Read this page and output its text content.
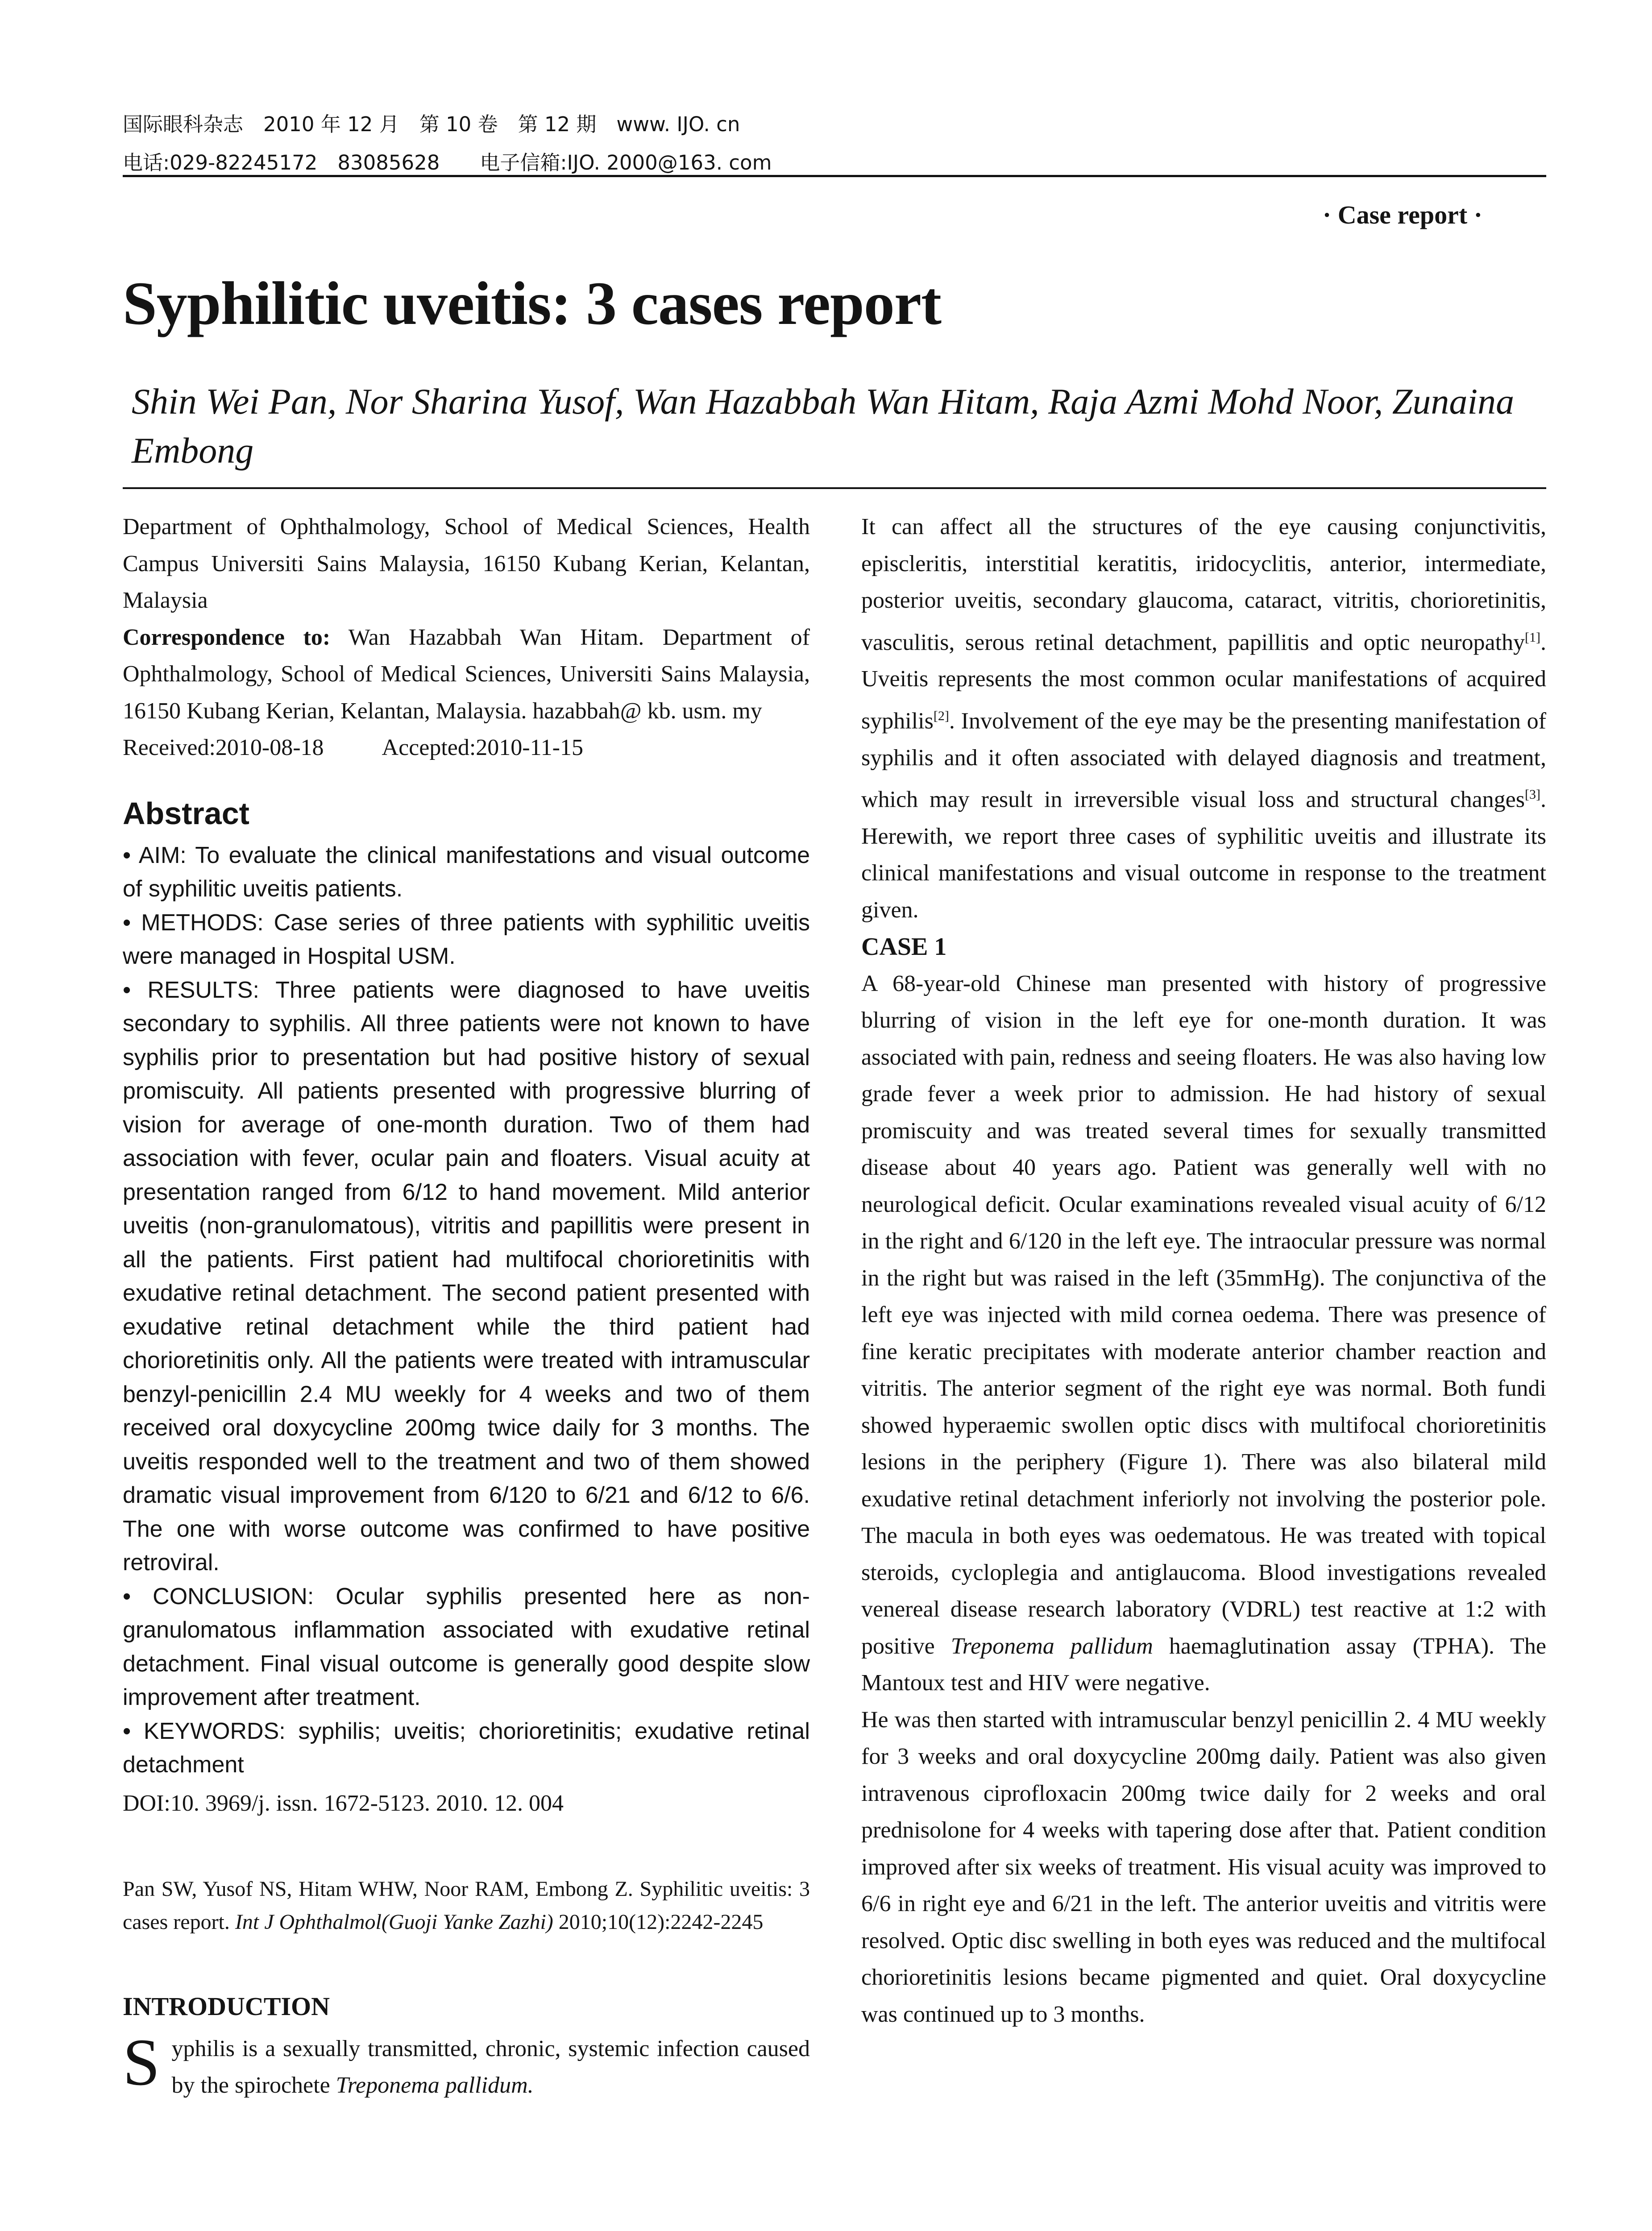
国际眼科杂志　2010 年 12 月　第 10 卷　第 12 期　www. IJO. cn
电话:029-82245172　83085628　　电子信箱:IJO. 2000@163. com
· Case report ·
Syphilitic uveitis: 3 cases report
Shin Wei Pan, Nor Sharina Yusof, Wan Hazabbah Wan Hitam, Raja Azmi Mohd Noor, Zunaina Embong

Department of Ophthalmology, School of Medical Sciences, Health Campus Universiti Sains Malaysia, 16150 Kubang Kerian, Kelantan, Malaysia

Correspondence to: Wan Hazabbah Wan Hitam. Department of Ophthalmology, School of Medical Sciences, Universiti Sains Malaysia, 16150 Kubang Kerian, Kelantan, Malaysia. hazabbah@ kb. usm. my

Received:2010-08-18	Accepted:2010-11-15

Abstract

• AIM: To evaluate the clinical manifestations and visual outcome of syphilitic uveitis patients.

• METHODS: Case series of three patients with syphilitic uveitis were managed in Hospital USM.

• RESULTS: Three patients were diagnosed to have uveitis secondary to syphilis. All three patients were not known to have syphilis prior to presentation but had positive history of sexual promiscuity. All patients presented with progressive blurring of vision for average of one-month duration. Two of them had association with fever, ocular pain and floaters. Visual acuity at presentation ranged from 6/12 to hand movement. Mild anterior uveitis (non-granulomatous), vitritis and papillitis were present in all the patients. First patient had multifocal chorioretinitis with exudative retinal detachment. The second patient presented with exudative retinal detachment while the third patient had chorioretinitis only. All the patients were treated with intramuscular benzyl-penicillin 2.4 MU weekly for 4 weeks and two of them received oral doxycycline 200mg twice daily for 3 months. The uveitis responded well to the treatment and two of them showed dramatic visual improvement from 6/120 to 6/21 and 6/12 to 6/6. The one with worse outcome was confirmed to have positive retroviral.

• CONCLUSION: Ocular syphilis presented here as non-granulomatous inflammation associated with exudative retinal detachment. Final visual outcome is generally good despite slow improvement after treatment.

• KEYWORDS: syphilis; uveitis; chorioretinitis; exudative retinal detachment

DOI:10. 3969/j. issn. 1672-5123. 2010. 12. 004

Pan SW, Yusof NS, Hitam WHW, Noor RAM, Embong Z. Syphilitic uveitis: 3 cases report. Int J Ophthalmol(Guoji Yanke Zazhi) 2010;10(12):2242-2245

INTRODUCTION

Syphilis is a sexually transmitted, chronic, systemic infection caused by the spirochete Treponema pallidum.

It can affect all the structures of the eye causing conjunctivitis, episcleritis, interstitial keratitis, iridocyclitis, anterior, intermediate, posterior uveitis, secondary glaucoma, cataract, vitritis, chorioretinitis, vasculitis, serous retinal detachment, papillitis and optic neuropathy[1]. Uveitis represents the most common ocular manifestations of acquired syphilis[2]. Involvement of the eye may be the presenting manifestation of syphilis and it often associated with delayed diagnosis and treatment, which may result in irreversible visual loss and structural changes[3]. Herewith, we report three cases of syphilitic uveitis and illustrate its clinical manifestations and visual outcome in response to the treatment given.

CASE 1

A 68-year-old Chinese man presented with history of progressive blurring of vision in the left eye for one-month duration. It was associated with pain, redness and seeing floaters. He was also having low grade fever a week prior to admission. He had history of sexual promiscuity and was treated several times for sexually transmitted disease about 40 years ago. Patient was generally well with no neurological deficit. Ocular examinations revealed visual acuity of 6/12 in the right and 6/120 in the left eye. The intraocular pressure was normal in the right but was raised in the left (35mmHg). The conjunctiva of the left eye was injected with mild cornea oedema. There was presence of fine keratic precipitates with moderate anterior chamber reaction and vitritis. The anterior segment of the right eye was normal. Both fundi showed hyperaemic swollen optic discs with multifocal chorioretinitis lesions in the periphery (Figure 1). There was also bilateral mild exudative retinal detachment inferiorly not involving the posterior pole. The macula in both eyes was oedematous. He was treated with topical steroids, cycloplegia and antiglaucoma. Blood investigations revealed venereal disease research laboratory (VDRL) test reactive at 1:2 with positive Treponema pallidum haemaglutination assay (TPHA). The Mantoux test and HIV were negative.

He was then started with intramuscular benzyl penicillin 2. 4 MU weekly for 3 weeks and oral doxycycline 200mg daily. Patient was also given intravenous ciprofloxacin 200mg twice daily for 2 weeks and oral prednisolone for 4 weeks with tapering dose after that. Patient condition improved after six weeks of treatment. His visual acuity was improved to 6/6 in right eye and 6/21 in the left. The anterior uveitis and vitritis were resolved. Optic disc swelling in both eyes was reduced and the multifocal chorioretinitis lesions became pigmented and quiet. Oral doxycycline was continued up to 3 months.
